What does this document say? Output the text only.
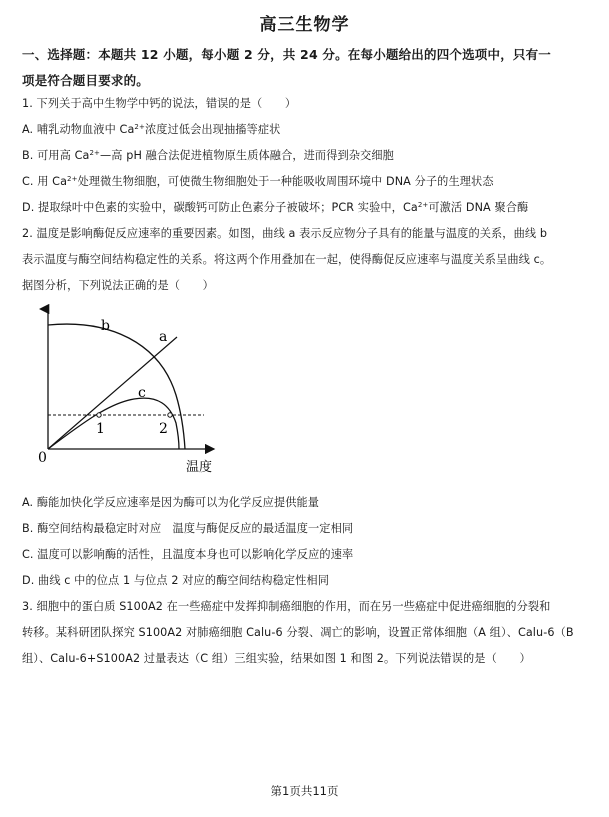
高三生物学
一、选择题：本题共 12 小题，每小题 2 分，共 24 分。在每小题给出的四个选项中，只有一
项是符合题目要求的。
1. 下列关于高中生物学中钙的说法，错误的是（　　）
A. 哺乳动物血液中 $Ca^{2+}$浓度过低会出现抽搐等症状
B. 可用高 $Ca^{2+}—$高 pH 融合法促进植物原生质体融合，进而得到杂交细胞
C. 用 $Ca^{2+}$处理微生物细胞，可使微生物细胞处于一种能吸收周围环境中 DNA 分子的生理状态
D. 提取绿叶中色素的实验中，碳酸钙可防止色素分子被破坏；PCR 实验中，$Ca^{2+}$可激活 DNA 聚合酶
2. 温度是影响酶促反应速率的重要因素。如图，曲线 a 表示反应物分子具有的能量与温度的关系，曲线 b
表示温度与酶空间结构稳定性的关系。将这两个作用叠加在一起，使得酶促反应速率与温度关系呈曲线 c。
据图分析，下列说法正确的是（　　）
b
a
c
1	2
0
温度
A. 酶能加快化学反应速率是因为酶可以为化学反应提供能量
B. 酶空间结构最稳定时对应　温度与酶促反应的最适温度一定相同
C. 温度可以影响酶的活性，且温度本身也可以影响化学反应的速率
D. 曲线 c 中的位点 1 与位点 2 对应的酶空间结构稳定性相同
3. 细胞中的蛋白质 S100A2 在一些癌症中发挥抑制癌细胞的作用，而在另一些癌症中促进癌细胞的分裂和
转移。某科研团队探究 S100A2 对肺癌细胞 Calu-6 分裂、凋亡的影响，设置正常体细胞（A 组）、Calu-6（B
组）、Calu-6+S100A2 过量表达（C 组）三组实验，结果如图 1 和图 2。下列说法错误的是（　　）
第1页共11页
